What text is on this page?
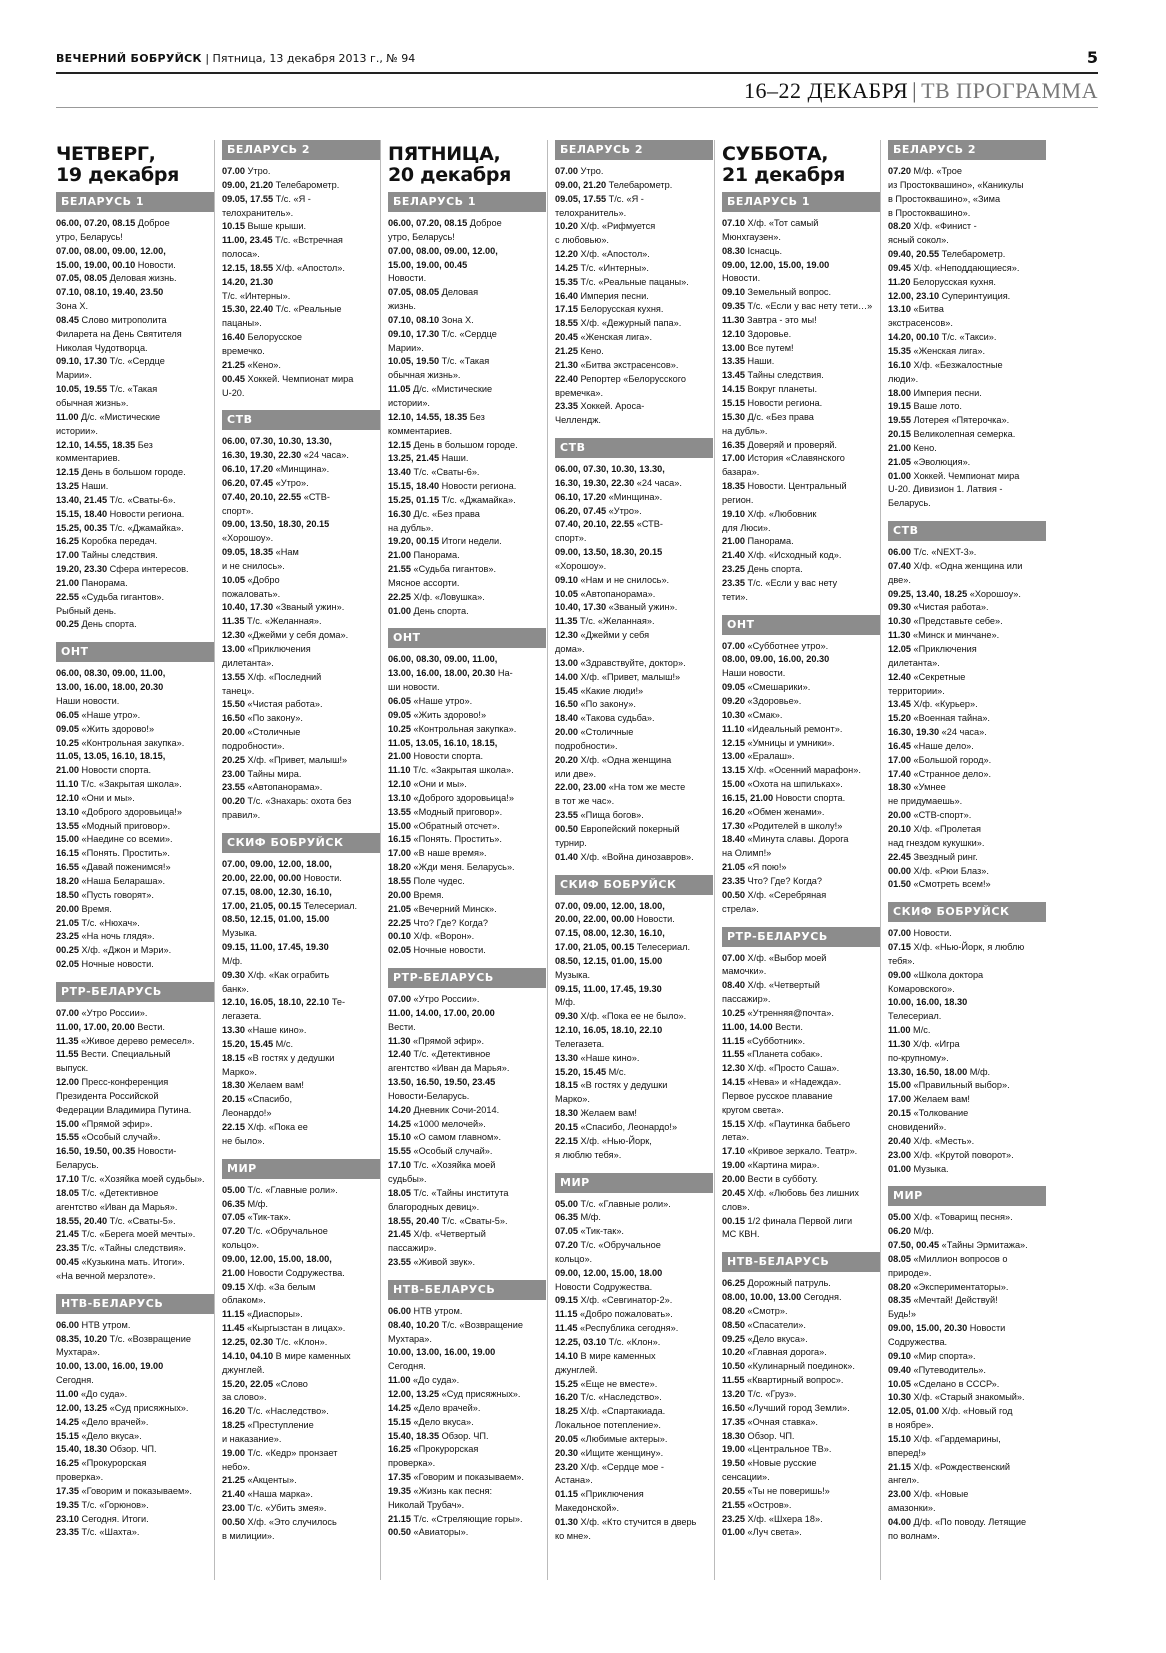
ВЕЧЕРНИЙ БОБРУЙСК | Пятница, 13 декабря 2013 г., № 94	5
16–22 ДЕКАБРЯ | ТВ ПРОГРАММА
ЧЕТВЕРГ,
19 декабря
БЕЛАРУСЬ 1
06.00, 07.20, 08.15 Доброе
утро, Беларусь!
07.00, 08.00, 09.00, 12.00,
15.00, 19.00, 00.10 Новости.
07.05, 08.05 Деловая жизнь.
07.10, 08.10, 19.40, 23.50
Зона Х.
08.45 Слово митрополита
Филарета на День Святителя
Николая Чудотворца.
09.10, 17.30 Т/с. «Сердце
Марии».
10.05, 19.55 Т/с. «Такая
обычная жизнь».
11.00 Д/с. «Мистические
истории».
12.10, 14.55, 18.35 Без
комментариев.
12.15 День в большом городе.
13.25 Наши.
13.40, 21.45 Т/с. «Сваты-6».
15.15, 18.40 Новости региона.
15.25, 00.35 Т/с. «Джамайка».
16.25 Коробка передач.
17.00 Тайны следствия.
19.20, 23.30 Сфера интересов.
21.00 Панорама.
22.55 «Судьба гигантов».
Рыбный день.
00.25 День спорта.
ОНТ
06.00, 08.30, 09.00, 11.00,
13.00, 16.00, 18.00, 20.30
Наши новости.
06.05 «Наше утро».
09.05 «Жить здорово!»
10.25 «Контрольная закупка».
11.05, 13.05, 16.10, 18.15,
21.00 Новости спорта.
11.10 Т/с. «Закрытая школа».
12.10 «Они и мы».
13.10 «Доброго здоровьица!»
13.55 «Модный приговор».
15.00 «Наедине со всеми».
16.15 «Понять. Простить».
16.55 «Давай поженимся!»
18.20 «Наша Белараша».
18.50 «Пусть говорят».
20.00 Время.
21.05 Т/с. «Нюхач».
23.25 «На ночь глядя».
00.25 Х/ф. «Джон и Мэри».
02.05 Ночные новости.
РТР-БЕЛАРУСЬ
07.00 «Утро России».
11.00, 17.00, 20.00 Вести.
11.35 «Живое дерево ремесел».
11.55 Вести. Специальный
выпуск.
12.00 Пресс-конференция
Президента Российской
Федерации Владимира Путина.
15.00 «Прямой эфир».
15.55 «Особый случай».
16.50, 19.50, 00.35 Новости-
Беларусь.
17.10 Т/с. «Хозяйка моей судьбы».
18.05 Т/с. «Детективное
агентство «Иван да Марья».
18.55, 20.40 Т/с. «Сваты-5».
21.45 Т/с. «Берега моей мечты».
23.35 Т/с. «Тайны следствия».
00.45 «Кузькина мать. Итоги».
«На вечной мерзлоте».
НТВ-БЕЛАРУСЬ
06.00 НТВ утром.
08.35, 10.20 Т/с. «Возвращение
Мухтара».
10.00, 13.00, 16.00, 19.00
Сегодня.
11.00 «До суда».
12.00, 13.25 «Суд присяжных».
14.25 «Дело врачей».
15.15 «Дело вкуса».
15.40, 18.30 Обзор. ЧП.
16.25 «Прокурорская
проверка».
17.35 «Говорим и показываем».
19.35 Т/с. «Горюнов».
23.10 Сегодня. Итоги.
23.35 Т/с. «Шахта».
БЕЛАРУСЬ 2
07.00 Утро.
09.00, 21.20 Телебарометр.
09.05, 17.55 Т/с. «Я -
телохранитель».
10.15 Выше крыши.
11.00, 23.45 Т/с. «Встречная
полоса».
12.15, 18.55 Х/ф. «Апостол».
14.20, 21.30
Т/с. «Интерны».
15.30, 22.40 Т/с. «Реальные
пацаны».
16.40 Белорусское
времечко.
21.25 «Кено».
00.45 Хоккей. Чемпионат мира
U-20.
СТВ
06.00, 07.30, 10.30, 13.30,
16.30, 19.30, 22.30 «24 часа».
06.10, 17.20 «Минщина».
06.20, 07.45 «Утро».
07.40, 20.10, 22.55 «СТВ-
спорт».
09.00, 13.50, 18.30, 20.15
«Хорошоу».
09.05, 18.35 «Нам
и не снилось».
10.05 «Добро
пожаловать».
10.40, 17.30 «Званый ужин».
11.35 Т/с. «Желанная».
12.30 «Джейми у себя дома».
13.00 «Приключения
дилетанта».
13.55 Х/ф. «Последний
танец».
15.50 «Чистая работа».
16.50 «По закону».
20.00 «Столичные
подробности».
20.25 Х/ф. «Привет, малыш!»
23.00 Тайны мира.
23.55 «Автопанорама».
00.20 Т/с. «Знахарь: охота без
правил».
СКИФ БОБРУЙСК
07.00, 09.00, 12.00, 18.00,
20.00, 22.00, 00.00 Новости.
07.15, 08.00, 12.30, 16.10,
17.00, 21.05, 00.15 Телесериал.
08.50, 12.15, 01.00, 15.00
Музыка.
09.15, 11.00, 17.45, 19.30
М/ф.
09.30 Х/ф. «Как ограбить
банк».
12.10, 16.05, 18.10, 22.10 Те-
легазета.
13.30 «Наше кино».
15.20, 15.45 М/с.
18.15 «В гостях у дедушки
Марко».
18.30 Желаем вам!
20.15 «Спасибо,
Леонардо!»
22.15 Х/ф. «Пока ее
не было».
МИР
05.00 Т/с. «Главные роли».
06.35 М/ф.
07.05 «Тик-так».
07.20 Т/с. «Обручальное
кольцо».
09.00, 12.00, 15.00, 18.00,
21.00 Новости Содружества.
09.15 Х/ф. «За белым
облаком».
11.15 «Диаспоры».
11.45 «Кыргызстан в лицах».
12.25, 02.30 Т/с. «Клон».
14.10, 04.10 В мире каменных
джунглей.
15.20, 22.05 «Слово
за слово».
16.20 Т/с. «Наследство».
18.25 «Преступление
и наказание».
19.00 Т/с. «Кедр» пронзает
небо».
21.25 «Акценты».
21.40 «Наша марка».
23.00 Т/с. «Убить змея».
00.50 Х/ф. «Это случилось
в милиции».
ПЯТНИЦА,
20 декабря
БЕЛАРУСЬ 1
06.00, 07.20, 08.15 Доброе
утро, Беларусь!
07.00, 08.00, 09.00, 12.00,
15.00, 19.00, 00.45
Новости.
07.05, 08.05 Деловая
жизнь.
07.10, 08.10 Зона Х.
09.10, 17.30 Т/с. «Сердце
Марии».
10.05, 19.50 Т/с. «Такая
обычная жизнь».
11.05 Д/с. «Мистические
истории».
12.10, 14.55, 18.35 Без
комментариев.
12.15 День в большом городе.
13.25, 21.45 Наши.
13.40 Т/с. «Сваты-6».
15.15, 18.40 Новости региона.
15.25, 01.15 Т/с. «Джамайка».
16.30 Д/с. «Без права
на дубль».
19.20, 00.15 Итоги недели.
21.00 Панорама.
21.55 «Судьба гигантов».
Мясное ассорти.
22.25 Х/ф. «Ловушка».
01.00 День спорта.
ОНТ
06.00, 08.30, 09.00, 11.00,
13.00, 16.00, 18.00, 20.30 На-
ши новости.
06.05 «Наше утро».
09.05 «Жить здорово!»
10.25 «Контрольная закупка».
11.05, 13.05, 16.10, 18.15,
21.00 Новости спорта.
11.10 Т/с. «Закрытая школа».
12.10 «Они и мы».
13.10 «Доброго здоровьица!»
13.55 «Модный приговор».
15.00 «Обратный отсчет».
16.15 «Понять. Простить».
17.00 «В наше время».
18.20 «Жди меня. Беларусь».
18.55 Поле чудес.
20.00 Время.
21.05 «Вечерний Минск».
22.25 Что? Где? Когда?
00.10 Х/ф. «Ворон».
02.05 Ночные новости.
РТР-БЕЛАРУСЬ
07.00 «Утро России».
11.00, 14.00, 17.00, 20.00
Вести.
11.30 «Прямой эфир».
12.40 Т/с. «Детективное
агентство «Иван да Марья».
13.50, 16.50, 19.50, 23.45
Новости-Беларусь.
14.20 Дневник Сочи-2014.
14.25 «1000 мелочей».
15.10 «О самом главном».
15.55 «Особый случай».
17.10 Т/с. «Хозяйка моей
судьбы».
18.05 Т/с. «Тайны института
благородных девиц».
18.55, 20.40 Т/с. «Сваты-5».
21.45 Х/ф. «Четвертый
пассажир».
23.55 «Живой звук».
НТВ-БЕЛАРУСЬ
06.00 НТВ утром.
08.40, 10.20 Т/с. «Возвращение
Мухтара».
10.00, 13.00, 16.00, 19.00
Сегодня.
11.00 «До суда».
12.00, 13.25 «Суд присяжных».
14.25 «Дело врачей».
15.15 «Дело вкуса».
15.40, 18.35 Обзор. ЧП.
16.25 «Прокурорская
проверка».
17.35 «Говорим и показываем».
19.35 «Жизнь как песня:
Николай Трубач».
21.15 Т/с. «Стреляющие горы».
00.50 «Авиаторы».
БЕЛАРУСЬ 2
07.00 Утро.
09.00, 21.20 Телебарометр.
09.05, 17.55 Т/с. «Я -
телохранитель».
10.20 Х/ф. «Рифмуется
с любовью».
12.20 Х/ф. «Апостол».
14.25 Т/с. «Интерны».
15.35 Т/с. «Реальные пацаны».
16.40 Империя песни.
17.15 Белорусская кухня.
18.55 Х/ф. «Дежурный папа».
20.45 «Женская лига».
21.25 Кено.
21.30 «Битва экстрасенсов».
22.40 Репортер «Белорусского
времечка».
23.35 Хоккей. Ароса-
Челлендж.
СТВ
06.00, 07.30, 10.30, 13.30,
16.30, 19.30, 22.30 «24 часа».
06.10, 17.20 «Минщина».
06.20, 07.45 «Утро».
07.40, 20.10, 22.55 «СТВ-
спорт».
09.00, 13.50, 18.30, 20.15
«Хорошоу».
09.10 «Нам и не снилось».
10.05 «Автопанорама».
10.40, 17.30 «Званый ужин».
11.35 Т/с. «Желанная».
12.30 «Джейми у себя
дома».
13.00 «Здравствуйте, доктор».
14.00 Х/ф. «Привет, малыш!»
15.45 «Какие люди!»
16.50 «По закону».
18.40 «Такова судьба».
20.00 «Столичные
подробности».
20.20 Х/ф. «Одна женщина
или две».
22.00, 23.00 «На том же месте
в тот же час».
23.55 «Пища богов».
00.50 Европейский покерный
турнир.
01.40 Х/ф. «Война динозавров».
СКИФ БОБРУЙСК
07.00, 09.00, 12.00, 18.00,
20.00, 22.00, 00.00 Новости.
07.15, 08.00, 12.30, 16.10,
17.00, 21.05, 00.15 Телесериал.
08.50, 12.15, 01.00, 15.00
Музыка.
09.15, 11.00, 17.45, 19.30
М/ф.
09.30 Х/ф. «Пока ее не было».
12.10, 16.05, 18.10, 22.10
Телегазета.
13.30 «Наше кино».
15.20, 15.45 М/с.
18.15 «В гостях у дедушки
Марко».
18.30 Желаем вам!
20.15 «Спасибо, Леонардо!»
22.15 Х/ф. «Нью-Йорк,
я люблю тебя».
МИР
05.00 Т/с. «Главные роли».
06.35 М/ф.
07.05 «Тик-так».
07.20 Т/с. «Обручальное
кольцо».
09.00, 12.00, 15.00, 18.00
Новости Содружества.
09.15 Х/ф. «Севгинатор-2».
11.15 «Добро пожаловать».
11.45 «Республика сегодня».
12.25, 03.10 Т/с. «Клон».
14.10 В мире каменных
джунглей.
15.25 «Еще не вместе».
16.20 Т/с. «Наследство».
18.25 Х/ф. «Спартакиада.
Локальное потепление».
20.05 «Любимые актеры».
20.30 «Ищите женщину».
23.20 Х/ф. «Сердце мое -
Астана».
01.15 «Приключения
Македонской».
01.30 Х/ф. «Кто стучится в дверь
ко мне».
СУББОТА,
21 декабря
БЕЛАРУСЬ 1
07.10 Х/ф. «Тот самый
Мюнхгаузен».
08.30 Існасць.
09.00, 12.00, 15.00, 19.00
Новости.
09.10 Земельный вопрос.
09.35 Т/с. «Если у вас нету тети…»
11.30 Завтра - это мы!
12.10 Здоровье.
13.00 Все путем!
13.35 Наши.
13.45 Тайны следствия.
14.15 Вокруг планеты.
15.15 Новости региона.
15.30 Д/с. «Без права
на дубль».
16.35 Доверяй и проверяй.
17.00 История «Славянского
базара».
18.35 Новости. Центральный
регион.
19.10 Х/ф. «Любовник
для Люси».
21.00 Панорама.
21.40 Х/ф. «Исходный код».
23.25 День спорта.
23.35 Т/с. «Если у вас нету
тети».
ОНТ
07.00 «Субботнее утро».
08.00, 09.00, 16.00, 20.30
Наши новости.
09.05 «Смешарики».
09.20 «Здоровье».
10.30 «Смак».
11.10 «Идеальный ремонт».
12.15 «Умницы и умники».
13.00 «Ералаш».
13.15 Х/ф. «Осенний марафон».
15.00 «Охота на шпильках».
16.15, 21.00 Новости спорта.
16.20 «Обмен женами».
17.30 «Родителей в школу!»
18.40 «Минута славы. Дорога
на Олимп!»
21.05 «Я пою!»
23.35 Что? Где? Когда?
00.50 Х/ф. «Серебряная
стрела».
РТР-БЕЛАРУСЬ
07.00 Х/ф. «Выбор моей
мамочки».
08.40 Х/ф. «Четвертый
пассажир».
10.25 «Утренняя@почта».
11.00, 14.00 Вести.
11.15 «Субботник».
11.55 «Планета собак».
12.30 Х/ф. «Просто Саша».
14.15 «Нева» и «Надежда».
Первое русское плавание
кругом света».
15.15 Х/ф. «Паутинка бабьего
лета».
17.10 «Кривое зеркало. Театр».
19.00 «Картина мира».
20.00 Вести в субботу.
20.45 Х/ф. «Любовь без лишних
слов».
00.15 1/2 финала Первой лиги
МС КВН.
НТВ-БЕЛАРУСЬ
06.25 Дорожный патруль.
08.00, 10.00, 13.00 Сегодня.
08.20 «Смотр».
08.50 «Спасатели».
09.25 «Дело вкуса».
10.20 «Главная дорога».
10.50 «Кулинарный поединок».
11.55 «Квартирный вопрос».
13.20 Т/с. «Груз».
16.50 «Лучший город Земли».
17.35 «Очная ставка».
18.30 Обзор. ЧП.
19.00 «Центральное ТВ».
19.50 «Новые русские
сенсации».
20.55 «Ты не поверишь!»
21.55 «Остров».
23.25 Х/ф. «Шхера 18».
01.00 «Луч света».
БЕЛАРУСЬ 2
07.20 М/ф. «Трое
из Простоквашино», «Каникулы
в Простоквашино», «Зима
в Простоквашино».
08.20 Х/ф. «Финист -
ясный сокол».
09.40, 20.55 Телебарометр.
09.45 Х/ф. «Неподдающиеся».
11.20 Белорусская кухня.
12.00, 23.10 Суперинтуиция.
13.10 «Битва
экстрасенсов».
14.20, 00.10 Т/с. «Такси».
15.35 «Женская лига».
16.10 Х/ф. «Безжалостные
люди».
18.00 Империя песни.
19.15 Ваше лото.
19.55 Лотерея «Пятерочка».
20.15 Великолепная семерка.
21.00 Кено.
21.05 «Эволюция».
01.00 Хоккей. Чемпионат мира
U-20. Дивизион 1. Латвия -
Беларусь.
СТВ
06.00 Т/с. «NEXT-3».
07.40 Х/ф. «Одна женщина или
две».
09.25, 13.40, 18.25 «Хорошоу».
09.30 «Чистая работа».
10.30 «Представьте себе».
11.30 «Минск и минчане».
12.05 «Приключения
дилетанта».
12.40 «Секретные
территории».
13.45 Х/ф. «Курьер».
15.20 «Военная тайна».
16.30, 19.30 «24 часа».
16.45 «Наше дело».
17.00 «Большой город».
17.40 «Странное дело».
18.30 «Умнее
не придумаешь».
20.00 «СТВ-спорт».
20.10 Х/ф. «Пролетая
над гнездом кукушки».
22.45 Звездный ринг.
00.00 Х/ф. «Рюи Блаз».
01.50 «Смотреть всем!»
СКИФ БОБРУЙСК
07.00 Новости.
07.15 Х/ф. «Нью-Йорк, я люблю
тебя».
09.00 «Школа доктора
Комаровского».
10.00, 16.00, 18.30
Телесериал.
11.00 М/с.
11.30 Х/ф. «Игра
по-крупному».
13.30, 16.50, 18.00 М/ф.
15.00 «Правильный выбор».
17.00 Желаем вам!
20.15 «Толкование
сновидений».
20.40 Х/ф. «Месть».
23.00 Х/ф. «Крутой поворот».
01.00 Музыка.
МИР
05.00 Х/ф. «Товарищ песня».
06.20 М/ф.
07.50, 00.45 «Тайны Эрмитажа».
08.05 «Миллион вопросов о
природе».
08.20 «Экспериментаторы».
08.35 «Мечтай! Действуй!
Будь!»
09.00, 15.00, 20.30 Новости
Содружества.
09.10 «Мир спорта».
09.40 «Путеводитель».
10.05 «Сделано в СССР».
10.30 Х/ф. «Старый знакомый».
12.05, 01.00 Х/ф. «Новый год
в ноябре».
15.10 Х/ф. «Гардемарины,
вперед!»
21.15 Х/ф. «Рождественский
ангел».
23.00 Х/ф. «Новые
амазонки».
04.00 Д/ф. «По поводу. Летящие
по волнам».
